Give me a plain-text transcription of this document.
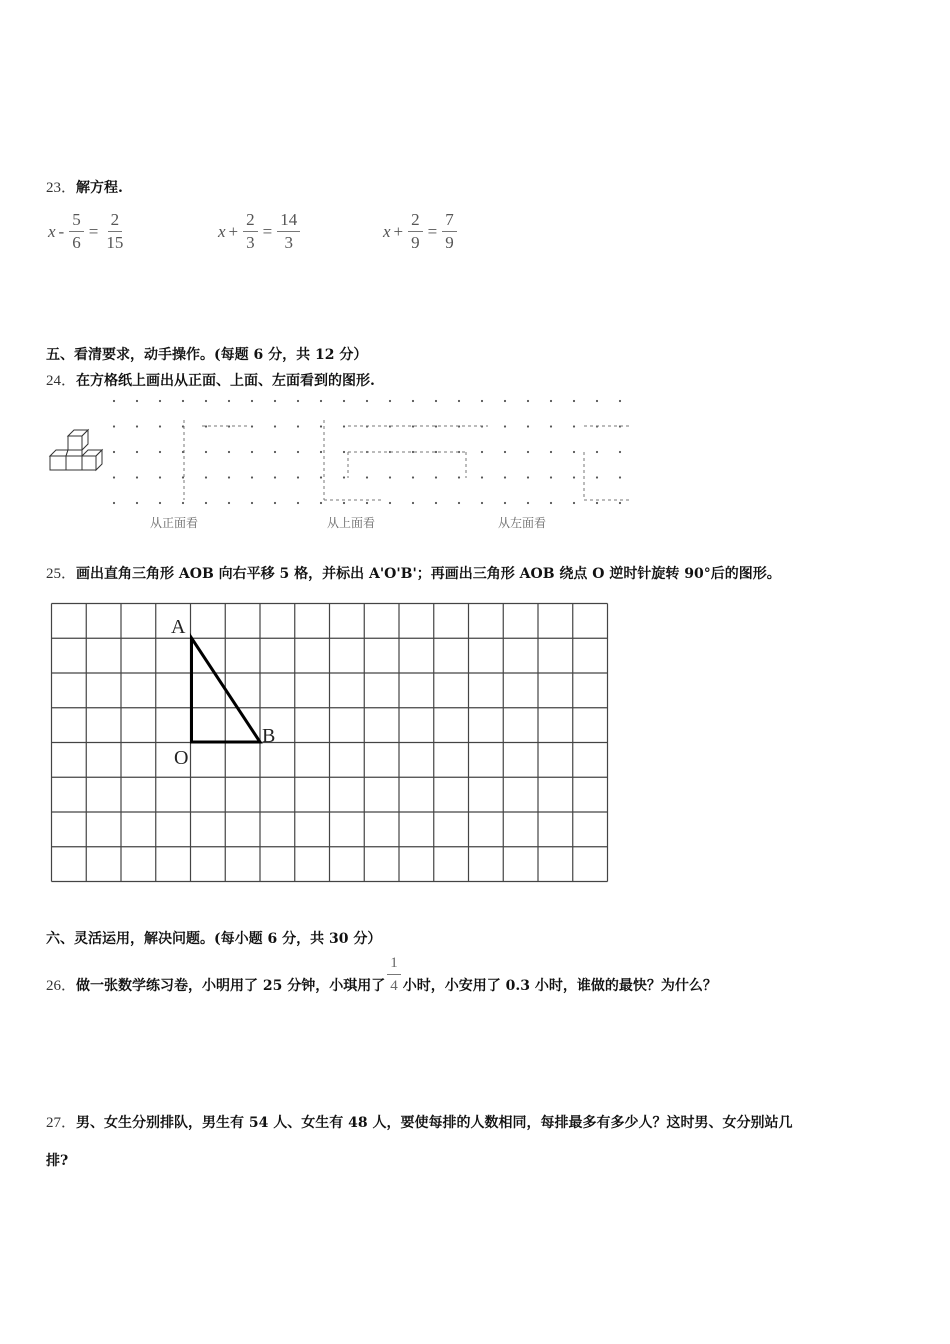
23． 解方程.
$x - \frac{5}{6} = \frac{2}{15}$	$x + \frac{2}{3} = \frac{14}{3}$	$x + \frac{2}{9} = \frac{7}{9}$
五、看清要求，动手操作。(每题 6 分，共 12 分）
24． 在方格纸上画出从正面、上面、左面看到的图形.
从正面看	从上面看	从左面看
25． 画出直角三角形 AOB 向右平移 5 格，并标出 A'O'B'；再画出三角形 AOB 绕点 O 逆时针旋转 90°后的图形。
A
O
B
六、灵活运用，解决问题。(每小题 6 分，共 30 分）
26． 做一张数学练习卷，小明用了 25 分钟，小琪用了 $\frac{1}{4}$ 小时，小安用了 0.3 小时，谁做的最快？为什么？
27． 男、女生分别排队，男生有 54 人、女生有 48 人，要使每排的人数相同，每排最多有多少人？这时男、女分别站几
排?
